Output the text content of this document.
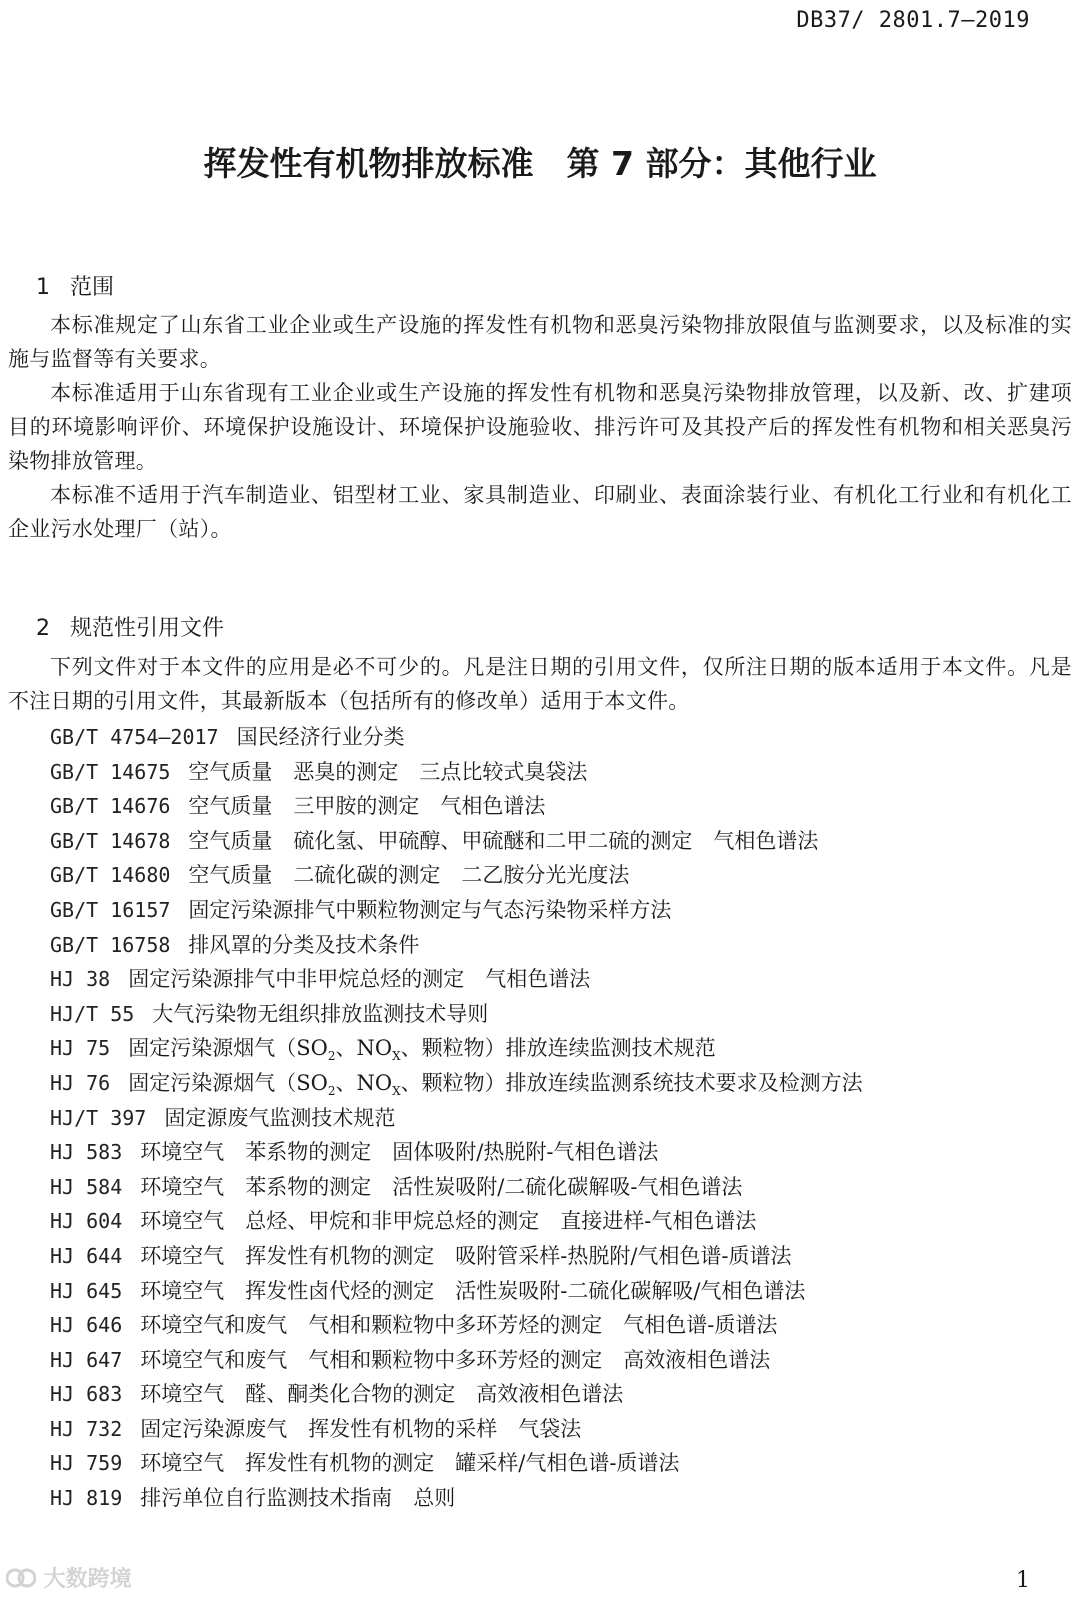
DB37/ 2801.7—2019
挥发性有机物排放标准　第 7 部分：其他行业

1 范围

本标准规定了山东省工业企业或生产设施的挥发性有机物和恶臭污染物排放限值与监测要求，以及标准的实施与监督等有关要求。

本标准适用于山东省现有工业企业或生产设施的挥发性有机物和恶臭污染物排放管理，以及新、改、扩建项目的环境影响评价、环境保护设施设计、环境保护设施验收、排污许可及其投产后的挥发性有机物和相关恶臭污染物排放管理。

本标准不适用于汽车制造业、铝型材工业、家具制造业、印刷业、表面涂装行业、有机化工行业和有机化工企业污水处理厂（站）。

2 规范性引用文件

下列文件对于本文件的应用是必不可少的。凡是注日期的引用文件，仅所注日期的版本适用于本文件。凡是不注日期的引用文件，其最新版本（包括所有的修改单）适用于本文件。

GB/T 4754—2017 国民经济行业分类
GB/T 14675 空气质量　恶臭的测定　三点比较式臭袋法
GB/T 14676 空气质量　三甲胺的测定　气相色谱法
GB/T 14678 空气质量　硫化氢、甲硫醇、甲硫醚和二甲二硫的测定　气相色谱法
GB/T 14680 空气质量　二硫化碳的测定　二乙胺分光光度法
GB/T 16157 固定污染源排气中颗粒物测定与气态污染物采样方法
GB/T 16758 排风罩的分类及技术条件
HJ 38 固定污染源排气中非甲烷总烃的测定　气相色谱法
HJ/T 55 大气污染物无组织排放监测技术导则
HJ 75 固定污染源烟气（$SO_2$、$NO_X$、颗粒物）排放连续监测技术规范
HJ 76 固定污染源烟气（$SO_2$、$NO_X$、颗粒物）排放连续监测系统技术要求及检测方法
HJ/T 397 固定源废气监测技术规范
HJ 583 环境空气　苯系物的测定　固体吸附/热脱附-气相色谱法
HJ 584 环境空气　苯系物的测定　活性炭吸附/二硫化碳解吸-气相色谱法
HJ 604 环境空气　总烃、甲烷和非甲烷总烃的测定　直接进样-气相色谱法
HJ 644 环境空气　挥发性有机物的测定　吸附管采样-热脱附/气相色谱-质谱法
HJ 645 环境空气　挥发性卤代烃的测定　活性炭吸附-二硫化碳解吸/气相色谱法
HJ 646 环境空气和废气　气相和颗粒物中多环芳烃的测定　气相色谱-质谱法
HJ 647 环境空气和废气　气相和颗粒物中多环芳烃的测定　高效液相色谱法
HJ 683 环境空气　醛、酮类化合物的测定　高效液相色谱法
HJ 732 固定污染源废气　挥发性有机物的采样　气袋法
HJ 759 环境空气　挥发性有机物的测定　罐采样/气相色谱-质谱法
HJ 819 排污单位自行监测技术指南　总则
大数跨境	1
